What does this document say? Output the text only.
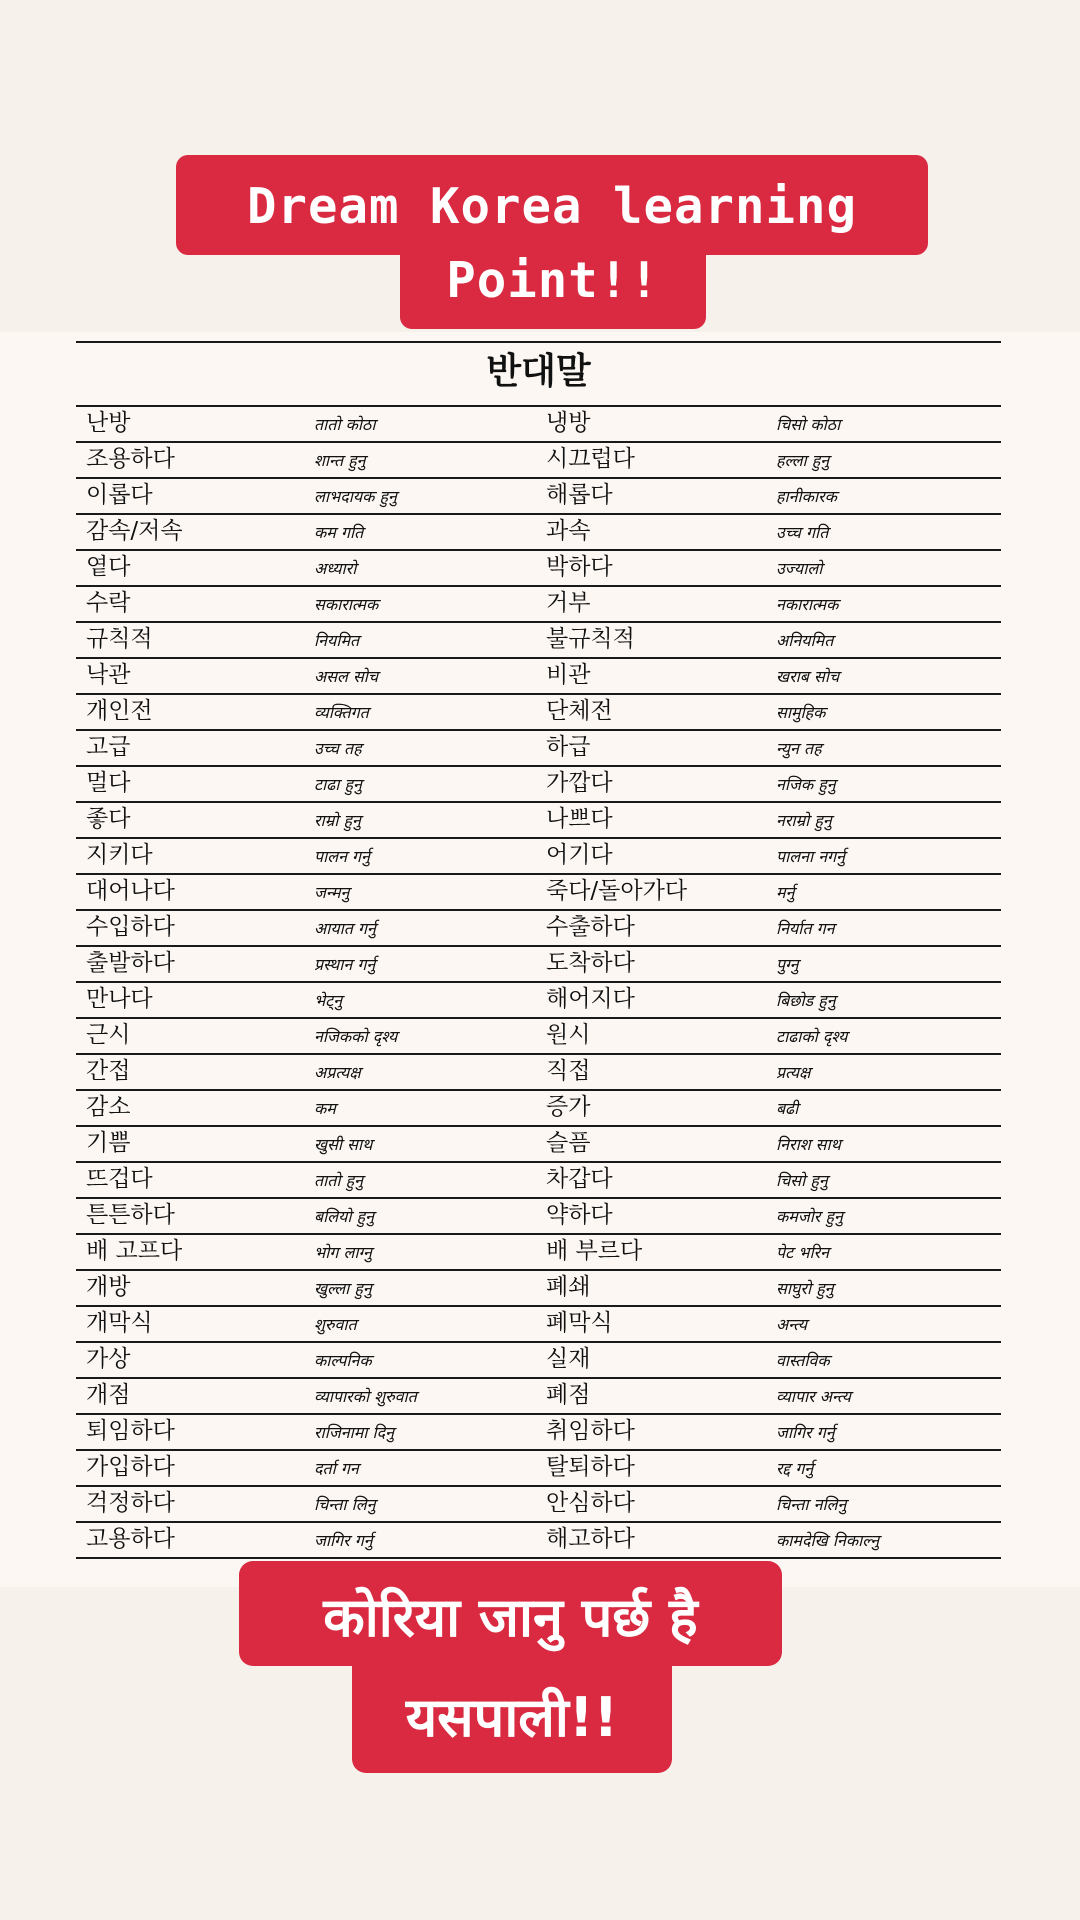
Dream Korea learning
Point!!
반대말
난방	तातो कोठा	냉방	चिसो कोठा
조용하다	शान्त हुनु	시끄럽다	हल्ला हुनु
이롭다	लाभदायक हुनु	해롭다	हानीकारक
감속/저속	कम गति	과속	उच्च गति
옅다	अध्यारो	박하다	उज्यालो
수락	सकारात्मक	거부	नकारात्मक
규칙적	नियमित	불규칙적	अनियमित
낙관	असल सोच	비관	खराब सोच
개인전	व्यक्तिगत	단체전	सामुहिक
고급	उच्च तह	하급	न्युन तह
멀다	टाढा हुनु	가깝다	नजिक हुनु
좋다	राम्रो हुनु	나쁘다	नराम्रो हुनु
지키다	पालन गर्नु	어기다	पालना नगर्नु
대어나다	जन्मनु	죽다/돌아가다	मर्नु
수입하다	आयात गर्नु	수출하다	निर्यात गन
출발하다	प्रस्थान गर्नु	도착하다	पुग्नु
만나다	भेट्नु	해어지다	बिछोड हुनु
근시	नजिकको दृश्य	원시	टाढाको दृश्य
간접	अप्रत्यक्ष	직접	प्रत्यक्ष
감소	कम	증가	बढी
기쁨	खुसी साथ	슬픔	निराश साथ
뜨겁다	तातो हुनु	차갑다	चिसो हुनु
튼튼하다	बलियो हुनु	약하다	कमजोर हुनु
배 고프다	भोग लाग्नु	배 부르다	पेट भरिन
개방	खुल्ला हुनु	폐쇄	साघुरो हुनु
개막식	शुरुवात	폐막식	अन्त्य
가상	काल्पनिक	실재	वास्तविक
개점	व्यापारको शुरुवात	폐점	व्यापार अन्त्य
퇴임하다	राजिनामा दिनु	취임하다	जागिर गर्नु
가입하다	दर्ता गन	탈퇴하다	रद्द गर्नु
걱정하다	चिन्ता लिनु	안심하다	चिन्ता नलिनु
고용하다	जागिर गर्नु	해고하다	कामदेखि निकाल्नु
कोरिया जानु पर्छ है
यसपाली!!
